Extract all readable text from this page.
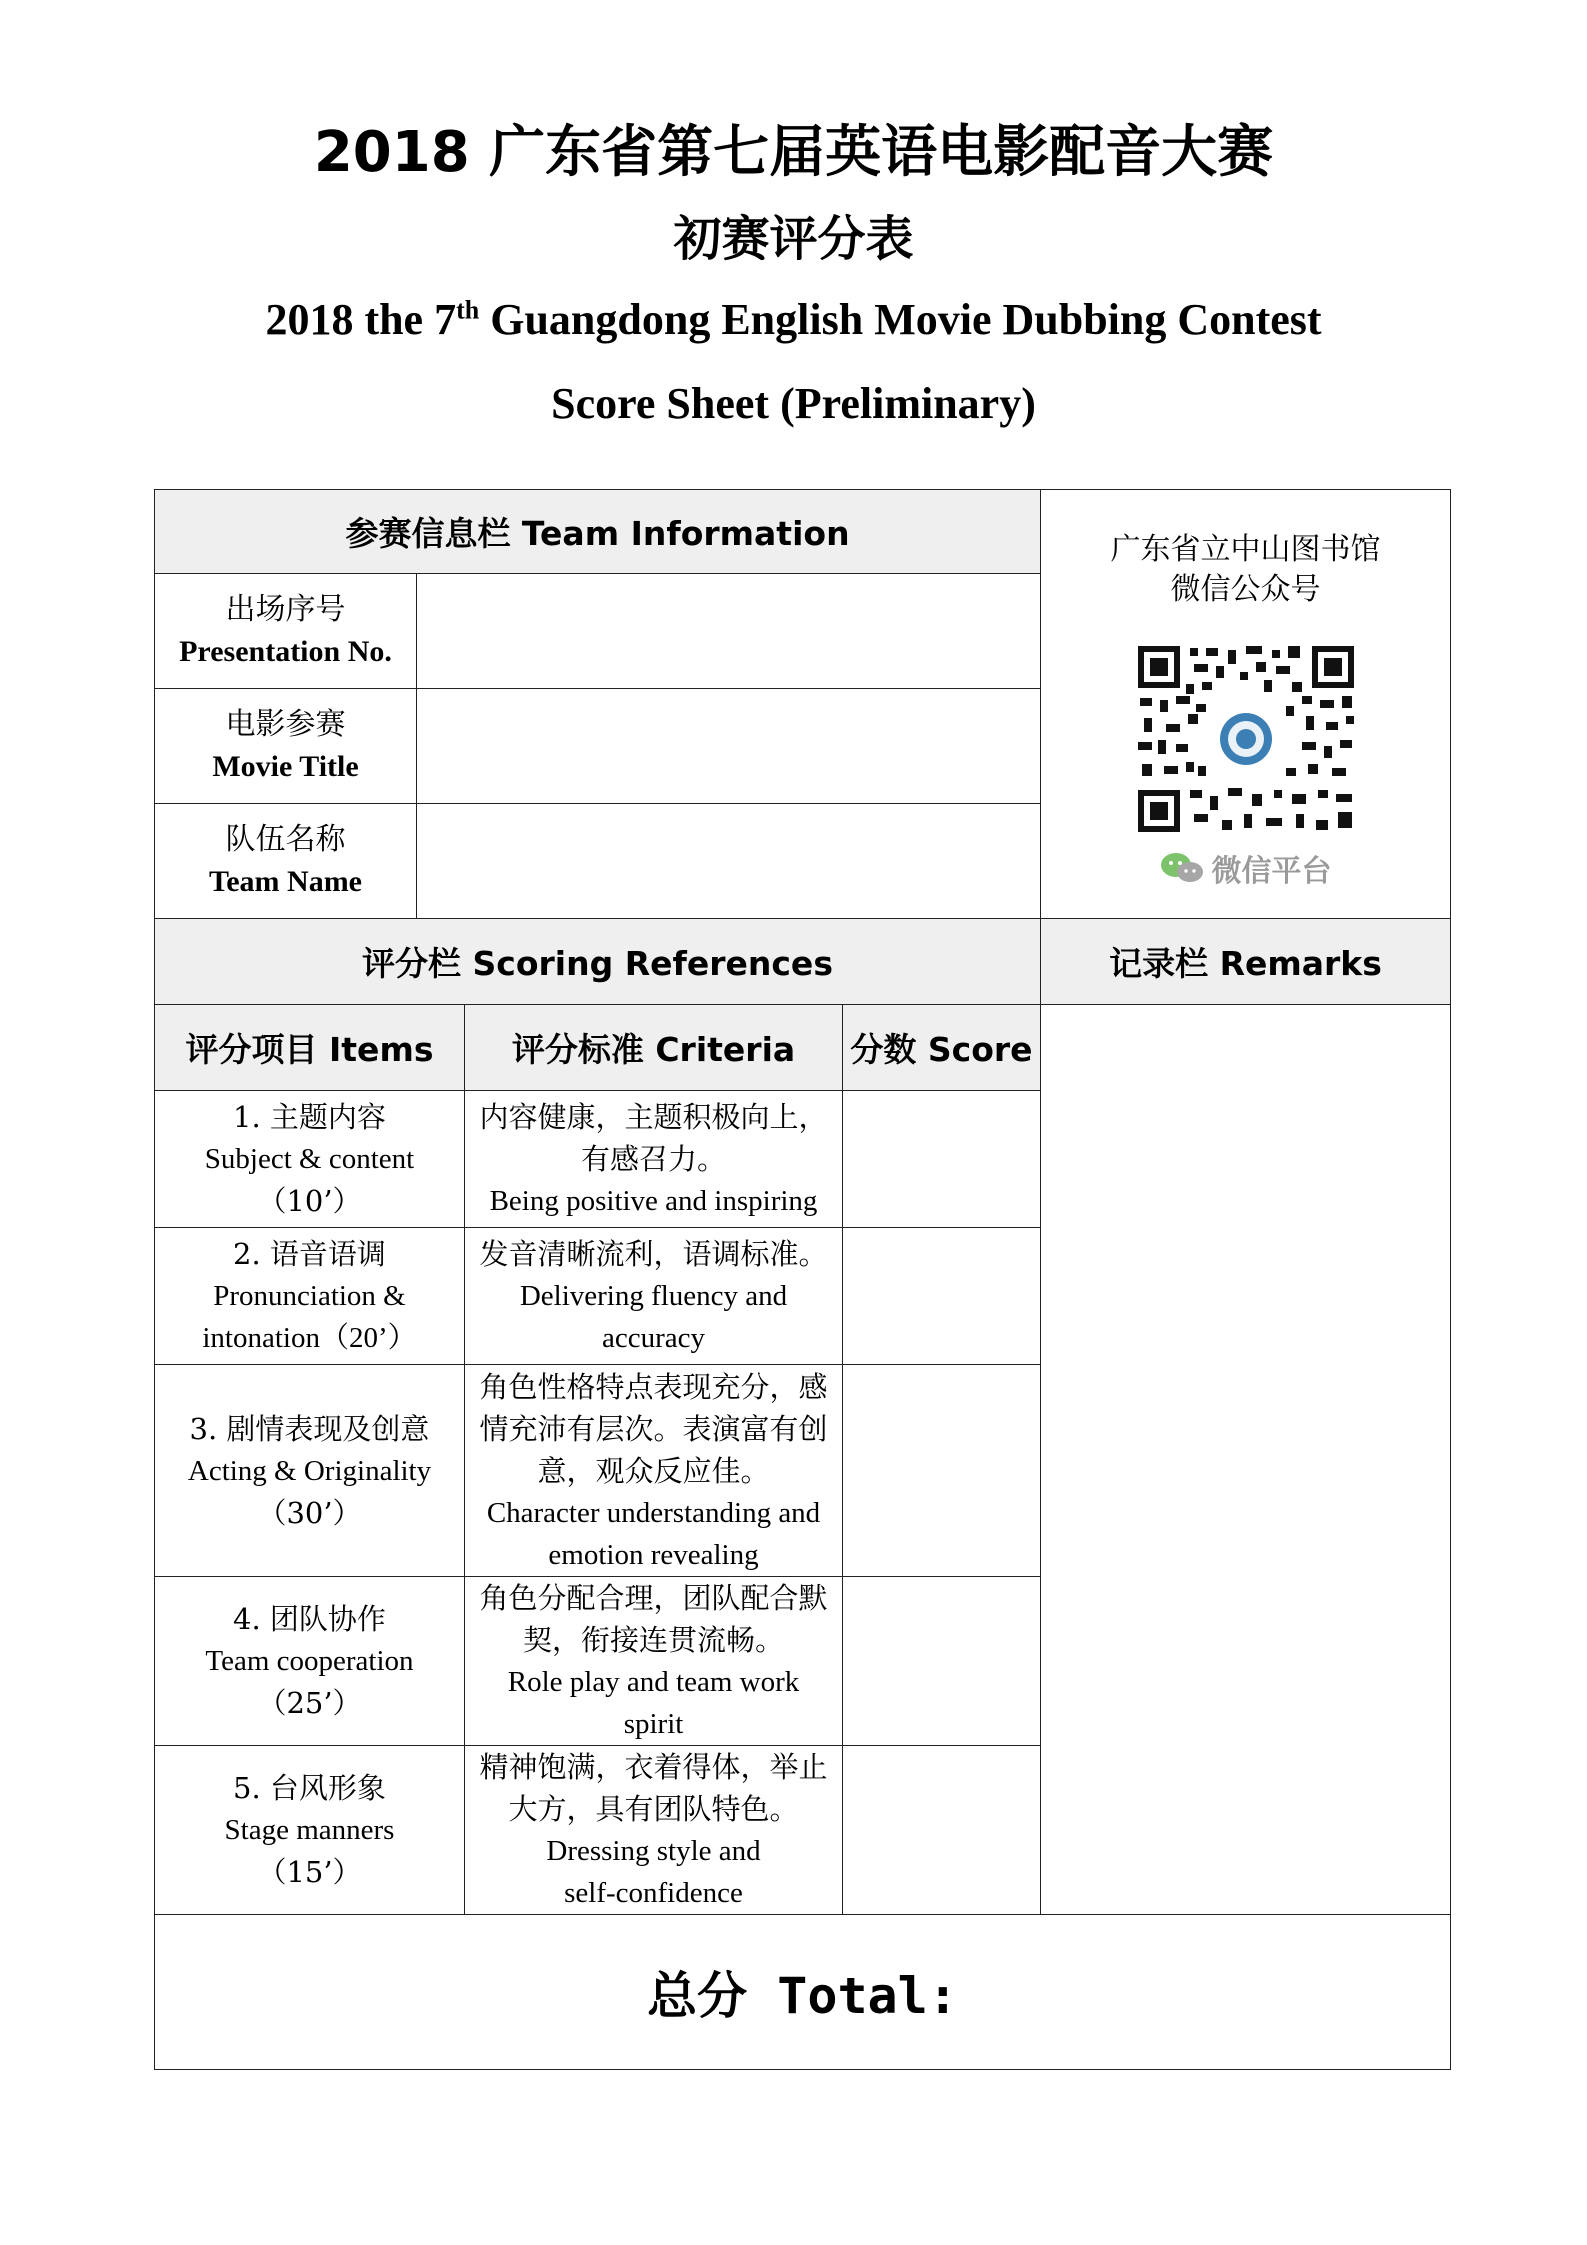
2018 广东省第七届英语电影配音大赛
初赛评分表
2018 the 7th Guangdong English Movie Dubbing Contest
Score Sheet (Preliminary)
参赛信息栏 Team Information				广东省立中山图书馆
微信公众号
微信平台

出场序号
Presentation No.				

电影参赛
Movie Title				

队伍名称
Team Name				

评分栏 Scoring References				记录栏 Remarks
评分项目 Items		评分标准 Criteria	分数 Score	

1. 主题内容
Subject & content
（10’）		内容健康，主题积极向上，
有感召力。
Being positive and inspiring		

2. 语音语调
Pronunciation &
intonation（20’）		发音清晰流利，语调标准。
Delivering fluency and
accuracy		

3. 剧情表现及创意
Acting & Originality
（30’）		角色性格特点表现充分，感
情充沛有层次。表演富有创
意，观众反应佳。
Character understanding and
emotion revealing		

4. 团队协作
Team cooperation
（25’）		角色分配合理，团队配合默
契，衔接连贯流畅。
Role play and team work
spirit		

5. 台风形象
Stage manners
（15’）		精神饱满，衣着得体，举止
大方，具有团队特色。
Dressing style and
self-confidence		

总分 Total:				
